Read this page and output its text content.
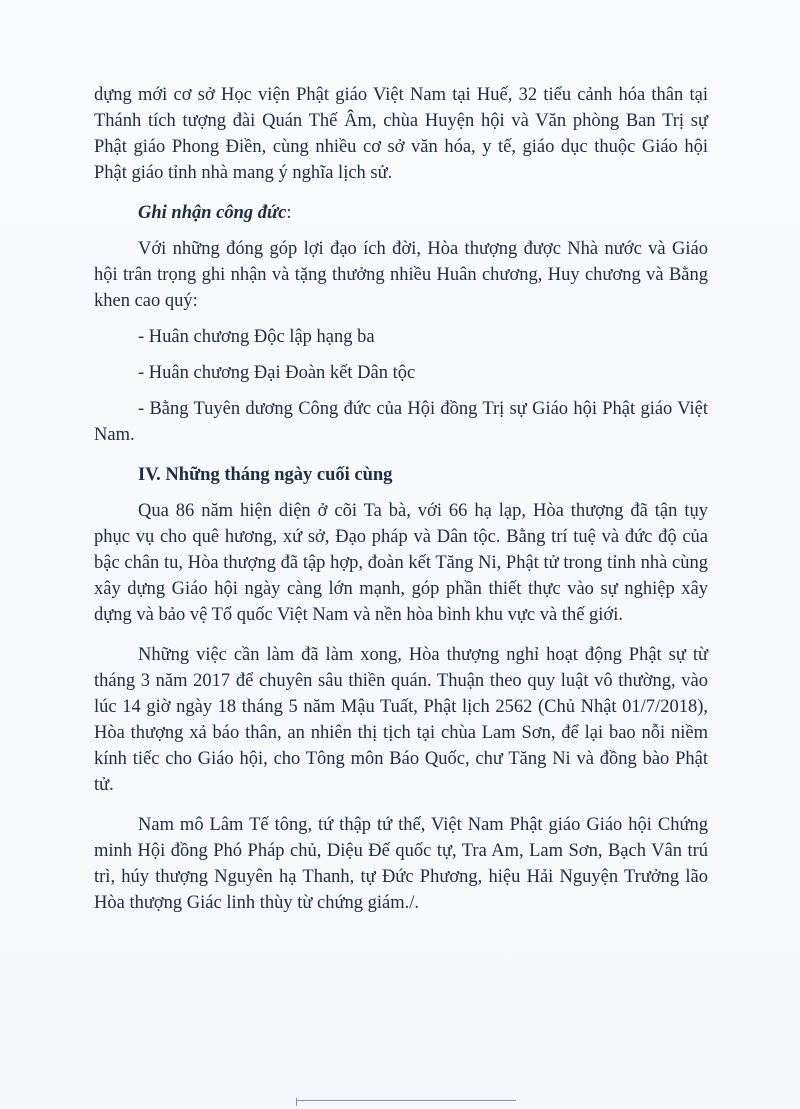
dựng mới cơ sở Học viện Phật giáo Việt Nam tại Huế, 32 tiểu cảnh hóa thân tại Thánh tích tượng đài Quán Thế Âm, chùa Huyện hội và Văn phòng Ban Trị sự Phật giáo Phong Điền, cùng nhiều cơ sở văn hóa, y tế, giáo dục thuộc Giáo hội Phật giáo tỉnh nhà mang ý nghĩa lịch sử.

Ghi nhận công đức:

Với những đóng góp lợi đạo ích đời, Hòa thượng được Nhà nước và Giáo hội trân trọng ghi nhận và tặng thưởng nhiều Huân chương, Huy chương và Bằng khen cao quý:

- Huân chương Độc lập hạng ba

- Huân chương Đại Đoàn kết Dân tộc

- Bằng Tuyên dương Công đức của Hội đồng Trị sự Giáo hội Phật giáo Việt Nam.

IV. Những tháng ngày cuối cùng

Qua 86 năm hiện diện ở cõi Ta bà, với 66 hạ lạp, Hòa thượng đã tận tụy phục vụ cho quê hương, xứ sở, Đạo pháp và Dân tộc. Bằng trí tuệ và đức độ của bậc chân tu, Hòa thượng đã tập hợp, đoàn kết Tăng Ni, Phật tử trong tỉnh nhà cùng xây dựng Giáo hội ngày càng lớn mạnh, góp phần thiết thực vào sự nghiệp xây dựng và bảo vệ Tổ quốc Việt Nam và nền hòa bình khu vực và thế giới.

Những việc cần làm đã làm xong, Hòa thượng nghỉ hoạt động Phật sự từ tháng 3 năm 2017 để chuyên sâu thiền quán. Thuận theo quy luật vô thường, vào lúc 14 giờ ngày 18 tháng 5 năm Mậu Tuất, Phật lịch 2562 (Chủ Nhật 01/7/2018), Hòa thượng xả báo thân, an nhiên thị tịch tại chùa Lam Sơn, để lại bao nỗi niềm kính tiếc cho Giáo hội, cho Tông môn Báo Quốc, chư Tăng Ni và đồng bào Phật tử.

Nam mô Lâm Tế tông, tứ thập tứ thế, Việt Nam Phật giáo Giáo hội Chứng minh Hội đồng Phó Pháp chủ, Diệu Đế quốc tự, Tra Am, Lam Sơn, Bạch Vân trú trì, húy thượng Nguyên hạ Thanh, tự Đức Phương, hiệu Hải Nguyện Trưởng lão Hòa thượng Giác linh thùy từ chứng giám./.
